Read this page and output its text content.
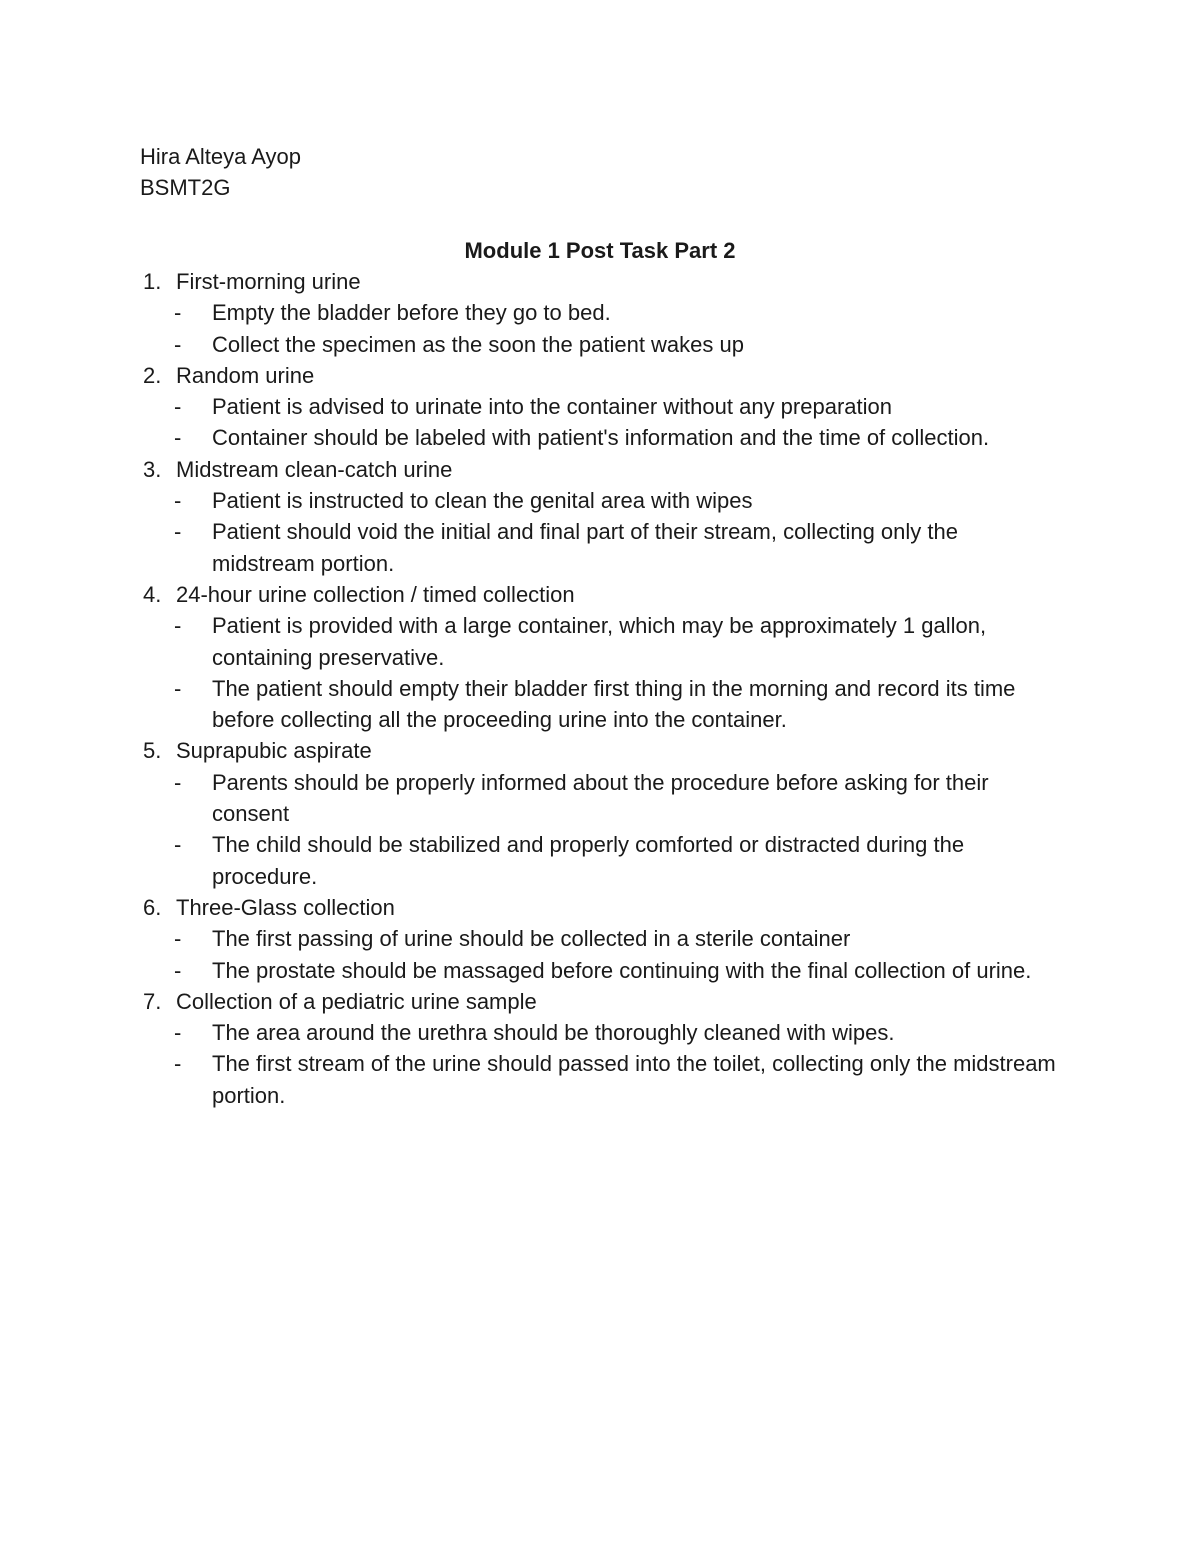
Hira Alteya Ayop
BSMT2G
Module 1 Post Task Part 2
1. First-morning urine
- Empty the bladder before they go to bed.
- Collect the specimen as the soon the patient wakes up
2. Random urine
- Patient is advised to urinate into the container without any preparation
- Container should be labeled with patient's information and the time of collection.
3. Midstream clean-catch urine
- Patient is instructed to clean the genital area with wipes
- Patient should void the initial and final part of their stream, collecting only the midstream portion.
4. 24-hour urine collection / timed collection
- Patient is provided with a large container, which may be approximately 1 gallon, containing preservative.
- The patient should empty their bladder first thing in the morning and record its time before collecting all the proceeding urine into the container.
5. Suprapubic aspirate
- Parents should be properly informed about the procedure before asking for their consent
- The child should be stabilized and properly comforted or distracted during the procedure.
6. Three-Glass collection
- The first passing of urine should be collected in a sterile container
- The prostate should be massaged before continuing with the final collection of urine.
7. Collection of a pediatric urine sample
- The area around the urethra should be thoroughly cleaned with wipes.
- The first stream of the urine should passed into the toilet, collecting only the midstream portion.
